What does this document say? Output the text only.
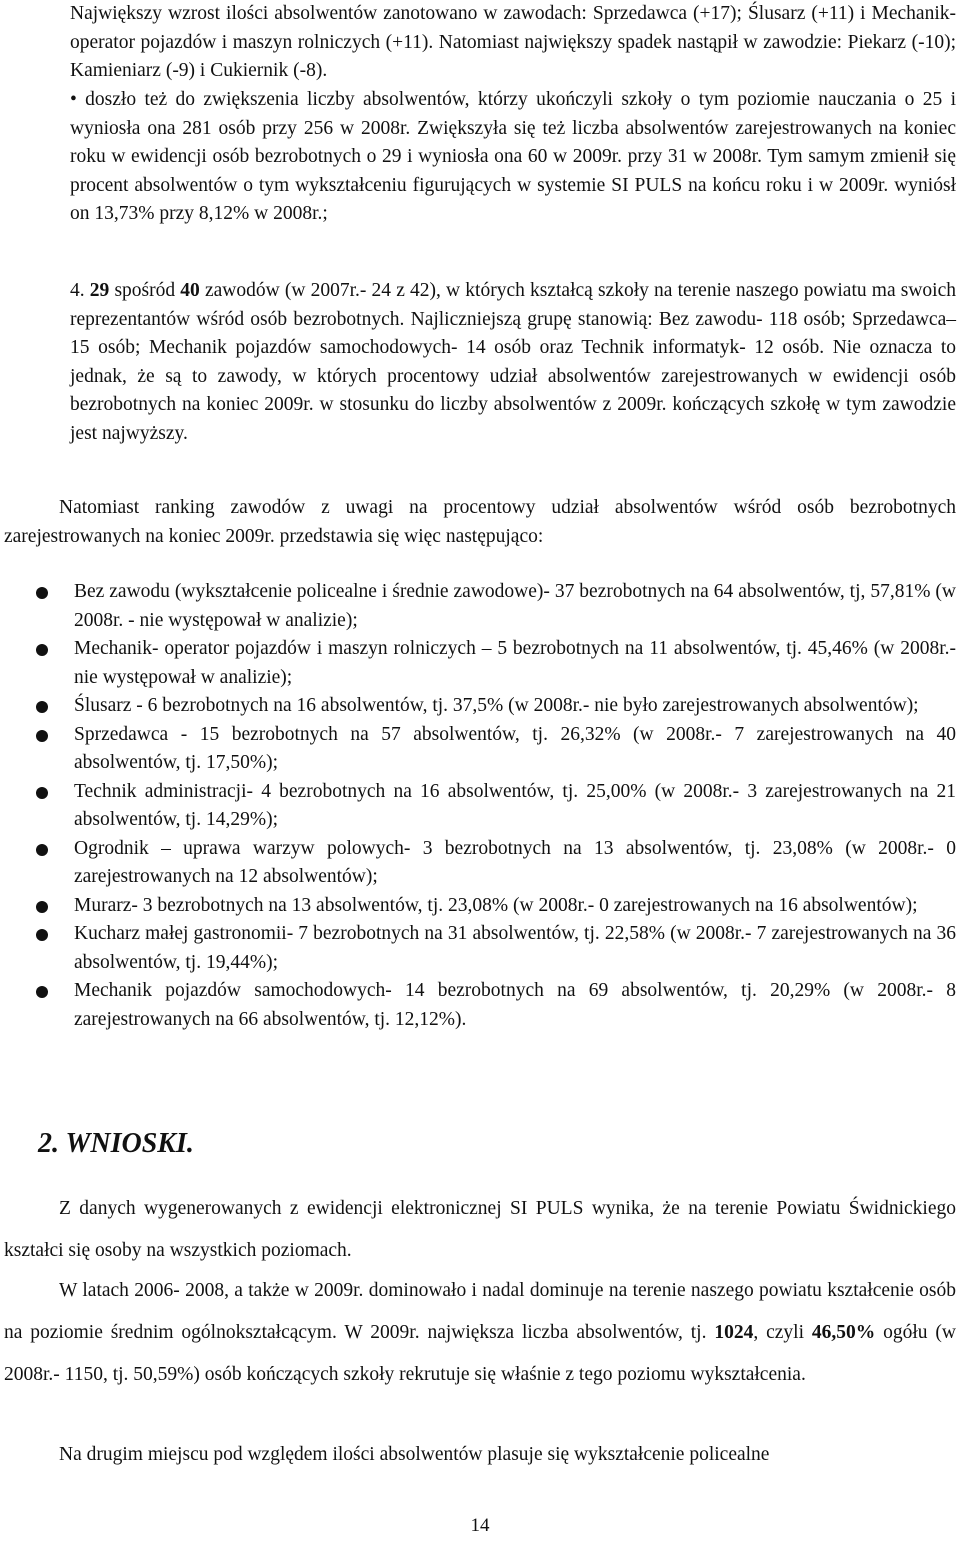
Największy wzrost ilości absolwentów zanotowano w zawodach: Sprzedawca (+17); Ślusarz (+11) i Mechanik- operator pojazdów i maszyn rolniczych (+11). Natomiast największy spadek nastąpił w zawodzie: Piekarz (-10); Kamieniarz (-9) i Cukiernik (-8).

• doszło też do zwiększenia liczby absolwentów, którzy ukończyli szkoły o tym poziomie nauczania o 25 i wyniosła ona 281 osób przy 256 w 2008r. Zwiększyła się też liczba absolwentów zarejestrowanych na koniec roku w ewidencji osób bezrobotnych o 29 i wyniosła ona 60 w 2009r. przy 31 w 2008r. Tym samym zmienił się procent absolwentów o tym wykształceniu figurujących w systemie SI PULS na końcu roku i w 2009r. wyniósł on 13,73% przy 8,12% w 2008r.;

4. 29 spośród 40 zawodów (w 2007r.- 24 z 42), w których kształcą szkoły na terenie naszego powiatu ma swoich reprezentantów wśród osób bezrobotnych. Najliczniejszą grupę stanowią: Bez zawodu- 118 osób; Sprzedawca– 15 osób; Mechanik pojazdów samochodowych- 14 osób oraz Technik informatyk- 12 osób. Nie oznacza to jednak, że są to zawody, w których procentowy udział absolwentów zarejestrowanych w ewidencji osób bezrobotnych na koniec 2009r. w stosunku do liczby absolwentów z 2009r. kończących szkołę w tym zawodzie jest najwyższy.

Natomiast ranking zawodów z uwagi na procentowy udział absolwentów wśród osób bezrobotnych zarejestrowanych na koniec 2009r. przedstawia się więc następująco:

Bez zawodu (wykształcenie policealne i średnie zawodowe)- 37 bezrobotnych na 64 absolwentów, tj, 57,81% (w 2008r. - nie występował w analizie);
Mechanik- operator pojazdów i maszyn rolniczych – 5 bezrobotnych na 11 absolwentów, tj. 45,46% (w 2008r.- nie występował w analizie);
Ślusarz - 6 bezrobotnych na 16 absolwentów, tj. 37,5% (w 2008r.- nie było zarejestrowanych absolwentów);
Sprzedawca - 15 bezrobotnych na 57 absolwentów, tj. 26,32% (w 2008r.- 7 zarejestrowanych na 40 absolwentów, tj. 17,50%);
Technik administracji- 4 bezrobotnych na 16 absolwentów, tj. 25,00% (w 2008r.- 3 zarejestrowanych na 21 absolwentów, tj. 14,29%);
Ogrodnik – uprawa warzyw polowych- 3 bezrobotnych na 13 absolwentów, tj. 23,08% (w 2008r.- 0 zarejestrowanych na 12 absolwentów);
Murarz- 3 bezrobotnych na 13 absolwentów, tj. 23,08% (w 2008r.- 0 zarejestrowanych na 16 absolwentów);
Kucharz małej gastronomii- 7 bezrobotnych na 31 absolwentów, tj. 22,58% (w 2008r.- 7 zarejestrowanych na 36 absolwentów, tj. 19,44%);
Mechanik pojazdów samochodowych- 14 bezrobotnych na 69 absolwentów, tj. 20,29% (w 2008r.- 8 zarejestrowanych na 66 absolwentów, tj. 12,12%).
2. WNIOSKI.

Z danych wygenerowanych z ewidencji elektronicznej SI PULS wynika, że na terenie Powiatu Świdnickiego kształci się osoby na wszystkich poziomach.

W latach 2006- 2008, a także w 2009r. dominowało i nadal dominuje na terenie naszego powiatu kształcenie osób na poziomie średnim ogólnokształcącym. W 2009r. największa liczba absolwentów, tj. 1024, czyli 46,50% ogółu (w 2008r.- 1150, tj. 50,59%) osób kończących szkoły rekrutuje się właśnie z tego poziomu wykształcenia.

Na drugim miejscu pod względem ilości absolwentów plasuje się wykształcenie policealne

14
